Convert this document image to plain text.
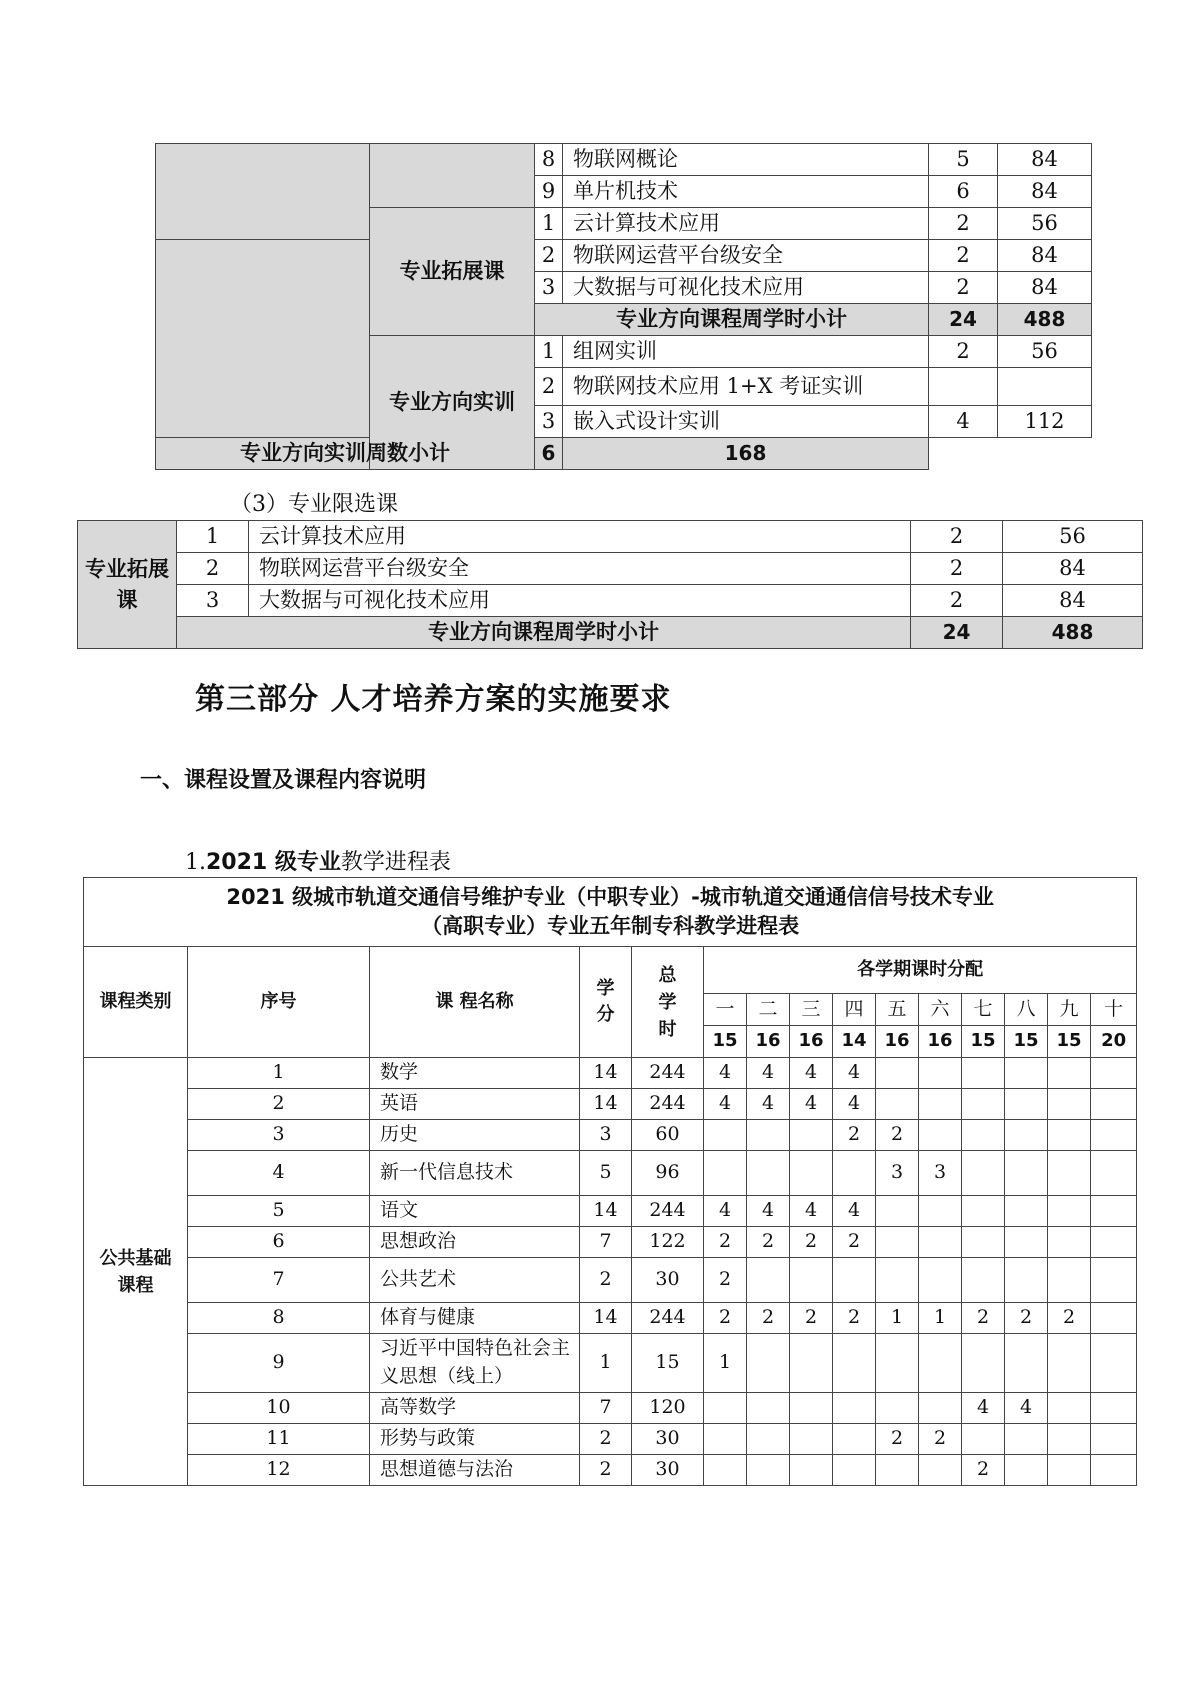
		8	物联网概论	5	84
		9	单片机技术	6	84
	专业拓展课	1	云计算技术应用	2	56
		2	物联网运营平台级安全	2	84
		3	大数据与可视化技术应用	2	84
		专业方向课程周学时小计		24	488
	专业方向实训	1	组网实训	2	56
		2	物联网技术应用 1+X 考证实训		
		3	嵌入式设计实训	4	112
专业方向实训周数小计		6	168		
（3）专业限选课
专业拓展课	1	云计算技术应用	2	56
	2	物联网运营平台级安全	2	84
	3	大数据与可视化技术应用	2	84
	专业方向课程周学时小计		24	488
第三部分 人才培养方案的实施要求
一、课程设置及课程内容说明
1.2021 级专业教学进程表
2021 级城市轨道交通信号维护专业（中职专业）-城市轨道交通通信信号技术专业
（高职专业）专业五年制专科教学进程表														

课程类别	序号	课 程名称	学分	总学时	各学期课时分配									
					一	二	三	四	五	六	七	八	九	十
					15	16	16	14	16	16	15	15	15	20
公共基础课程	1	数学	14	244	4	4	4	4						
	2	英语	14	244	4	4	4	4						
	3	历史	3	60				2	2					
	4	新一代信息技术	5	96					3	3				
	5	语文	14	244	4	4	4	4						
	6	思想政治	7	122	2	2	2	2						
	7	公共艺术	2	30	2									
	8	体育与健康	14	244	2	2	2	2	1	1	2	2	2	
	9	习近平中国特色社会主义思想（线上）	1	15	1									
	10	高等数学	7	120							4	4		
	11	形势与政策	2	30					2	2				
	12	思想道德与法治	2	30							2			
